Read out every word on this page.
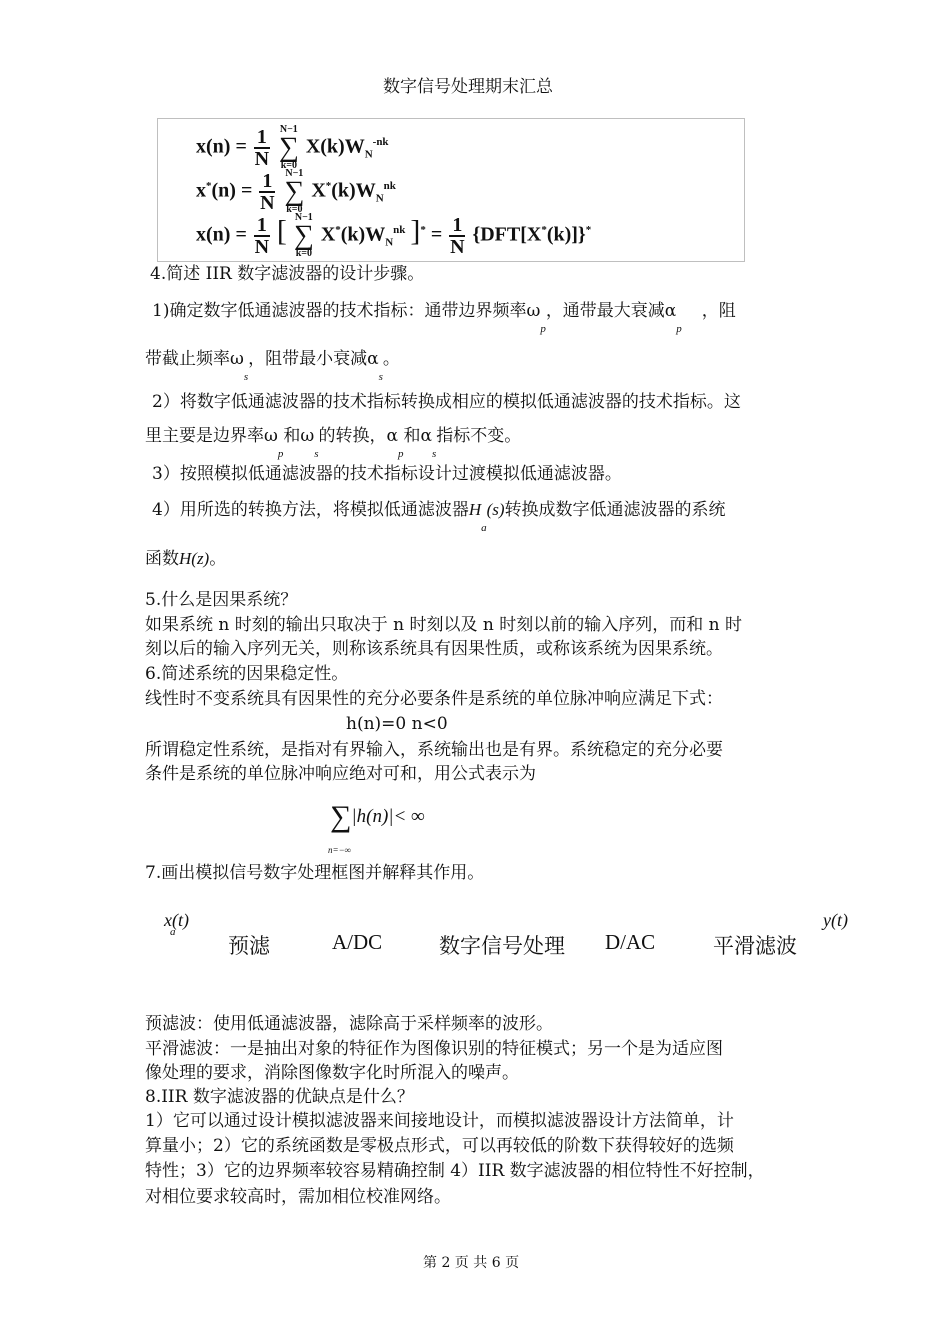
数字信号处理期末汇总
$x(n) = \frac{1}{N} N-1$
∑
k=0 $X(k)W_N^{-nk}$
$x^*(n) = \frac{1}{N} N-1$
∑
k=0 $X^*(k)W_N^{nk}$
$x(n) = \frac{1}{N}$ [ N−1
∑
k=0 $X^*(k)W_N^{nk}$ ]$^* = \frac{1}{N} \{DFT[X^*(k)]\}^*$
4.简述 IIR 数字滤波器的设计步骤。
1)确定数字低通滤波器的技术指标：通带边界频率$\omega_p$，通带最大衰减$\alpha_p$，阻
带截止频率$\omega_s$，阻带最小衰减$\alpha_s$。
2）将数字低通滤波器的技术指标转换成相应的模拟低通滤波器的技术指标。这
里主要是边界率$\omega_p$和$\omega_s$的转换，$\alpha_p$和$\alpha_s$指标不变。
3）按照模拟低通滤波器的技术指标设计过渡模拟低通滤波器。
4）用所选的转换方法，将模拟低通滤波器$H_a(s)$转换成数字低通滤波器的系统
函数H(z)。
5.什么是因果系统？
如果系统 n 时刻的输出只取决于 n 时刻以及 n 时刻以前的输入序列，而和 n 时
刻以后的输入序列无关，则称该系统具有因果性质，或称该系统为因果系统。
6.简述系统的因果稳定性。
线性时不变系统具有因果性的充分必要条件是系统的单位脉冲响应满足下式：
h(n)=0 n<0
所谓稳定性系统，是指对有界输入，系统输出也是有界。系统稳定的充分必要
条件是系统的单位脉冲响应绝对可和，用公式表示为
∑|h(n)|< ∞
n=−∞
7.画出模拟信号数字处理框图并解释其作用。
x(t)
a
预滤	A/DC	数字信号处理 D/AC	平滑滤波
y(t)
预滤波：使用低通滤波器，滤除高于采样频率的波形。
平滑滤波：一是抽出对象的特征作为图像识别的特征模式；另一个是为适应图
像处理的要求，消除图像数字化时所混入的噪声。
8.IIR 数字滤波器的优缺点是什么？
1）它可以通过设计模拟滤波器来间接地设计，而模拟滤波器设计方法简单，计
算量小；2）它的系统函数是零极点形式，可以再较低的阶数下获得较好的选频
特性；3）它的边界频率较容易精确控制 4）IIR 数字滤波器的相位特性不好控制，
对相位要求较高时，需加相位校准网络。
第 2 页 共 6 页
